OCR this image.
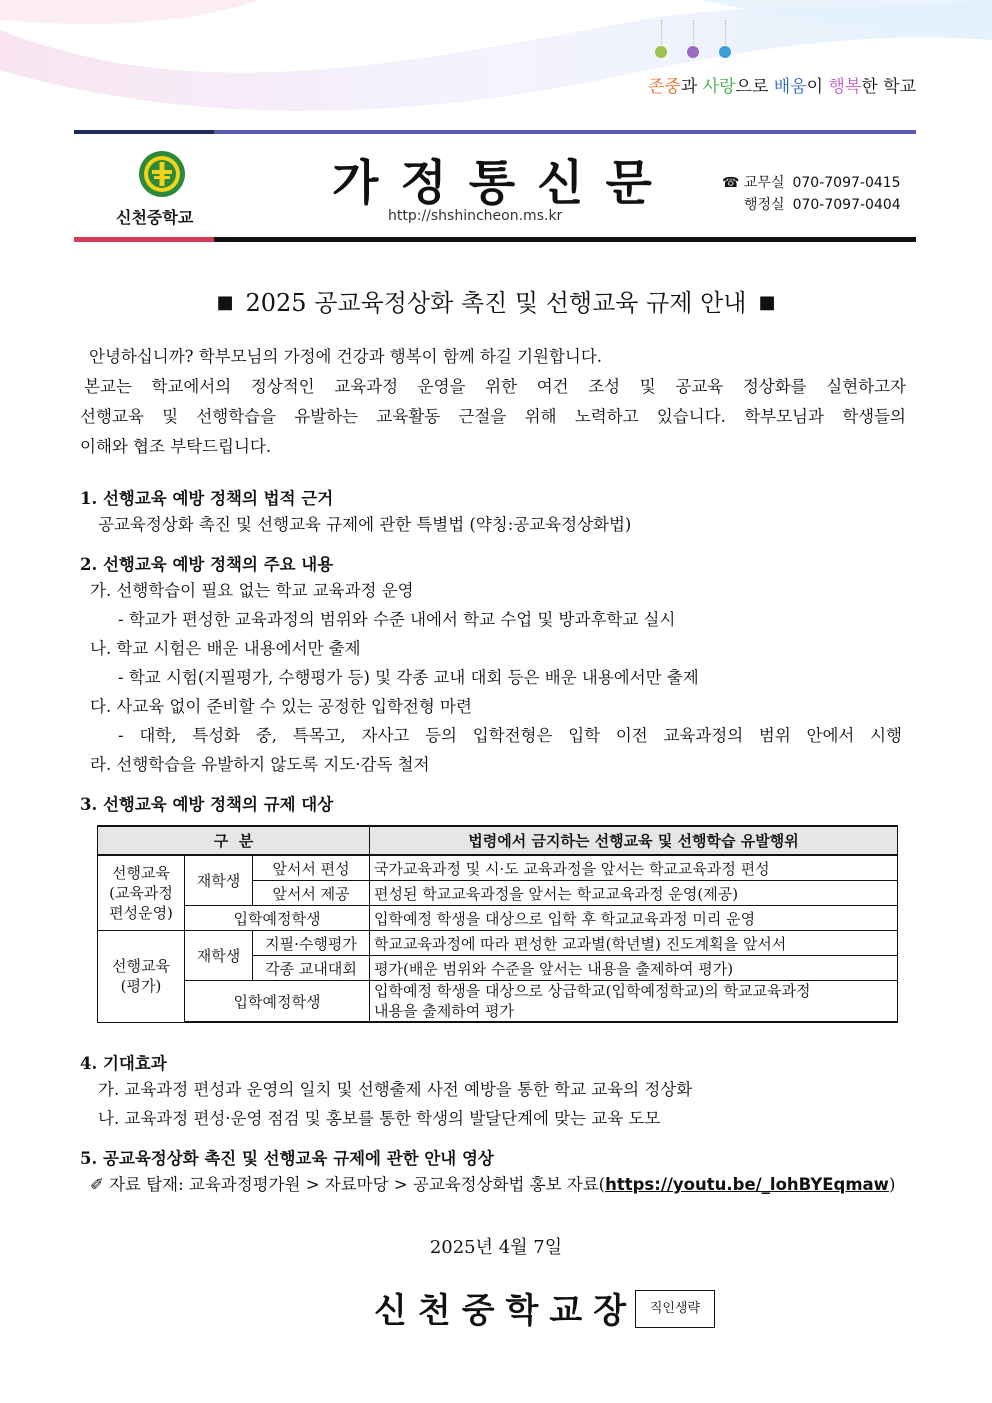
존중과 사랑으로 배움이 행복한 학교
신천중학교
가정통신문
http://shshincheon.ms.kr
☎ 교무실 070-7097-0415
행정실 070-7097-0404
■ 2025 공교육정상화 촉진 및 선행교육 규제 안내 ■
안녕하십니까? 학부모님의 가정에 건강과 행복이 함께 하길 기원합니다.
본교는 학교에서의 정상적인 교육과정 운영을 위한 여건 조성 및 공교육 정상화를 실현하고자
선행교육 및 선행학습을 유발하는 교육활동 근절을 위해 노력하고 있습니다. 학부모님과 학생들의
이해와 협조 부탁드립니다.
1. 선행교육 예방 정책의 법적 근거
공교육정상화 촉진 및 선행교육 규제에 관한 특별법 (약칭:공교육정상화법)
2. 선행교육 예방 정책의 주요 내용
가. 선행학습이 필요 없는 학교 교육과정 운영
- 학교가 편성한 교육과정의 범위와 수준 내에서 학교 수업 및 방과후학교 실시
나. 학교 시험은 배운 내용에서만 출제
- 학교 시험(지필평가, 수행평가 등) 및 각종 교내 대회 등은 배운 내용에서만 출제
다. 사교육 없이 준비할 수 있는 공정한 입학전형 마련
- 대학, 특성화 중, 특목고, 자사고 등의 입학전형은 입학 이전 교육과정의 범위 안에서 시행
라. 선행학습을 유발하지 않도록 지도·감독 철저
3. 선행교육 예방 정책의 규제 대상
구  분			법령에서 금지하는 선행교육 및 선행학습 유발행위
선행교육
(교육과정
편성운영)	재학생	앞서서 편성	국가교육과정 및 시·도 교육과정을 앞서는 학교교육과정 편성
		앞서서 제공	편성된 학교교육과정을 앞서는 학교교육과정 운영(제공)
	입학예정학생		입학예정 학생을 대상으로 입학 후 학교교육과정 미리 운영
선행교육
(평가)	재학생	지필·수행평가	학교교육과정에 따라 편성한 교과별(학년별) 진도계획을 앞서서
		각종 교내대회	평가(배운 범위와 수준을 앞서는 내용을 출제하여 평가)
	입학예정학생		입학예정 학생을 대상으로 상급학교(입학예정학교)의 학교교육과정
내용을 출제하여 평가
4. 기대효과
가. 교육과정 편성과 운영의 일치 및 선행출제 사전 예방을 통한 학교 교육의 정상화
나. 교육과정 편성·운영 점검 및 홍보를 통한 학생의 발달단계에 맞는 교육 도모
5. 공교육정상화 촉진 및 선행교육 규제에 관한 안내 영상
✐ 자료 탑재: 교육과정평가원 > 자료마당 > 공교육정상화법 홍보 자료(https://youtu.be/_lohBYEqmaw)
2025년 4월 7일
신천중학교장 직인생략
